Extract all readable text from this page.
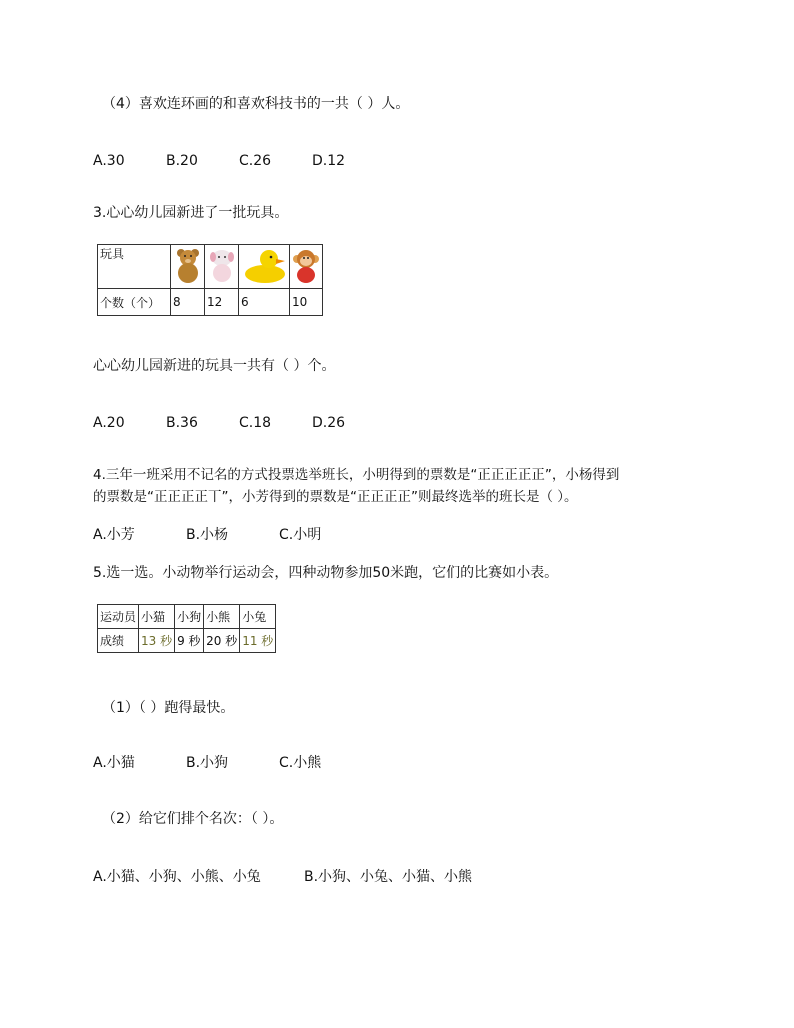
（4）喜欢连环画的和喜欢科技书的一共（ ）人。
A.30	B.20	C.26	D.12
3.心心幼儿园新进了一批玩具。
玩具				
个数（个）	8	12	6	10
心心幼儿园新进的玩具一共有（ ）个。
A.20	B.36	C.18	D.26
4.三年一班采用不记名的方式投票选举班长，小明得到的票数是“正正正正正”，小杨得到
的票数是“正正正正丅”，小芳得到的票数是“正正正正”则最终选举的班长是（ ）。
A.小芳	B.小杨	C.小明
5.选一选。小动物举行运动会，四种动物参加50米跑，它们的比赛如小表。
运动员	小猫	小狗	小熊	小兔
成绩	13 秒	9 秒	20 秒	11 秒
（1）（ ）跑得最快。
A.小猫	B.小狗	C.小熊
（2）给它们排个名次：（ ）。
A.小猫、小狗、小熊、小兔	B.小狗、小兔、小猫、小熊
